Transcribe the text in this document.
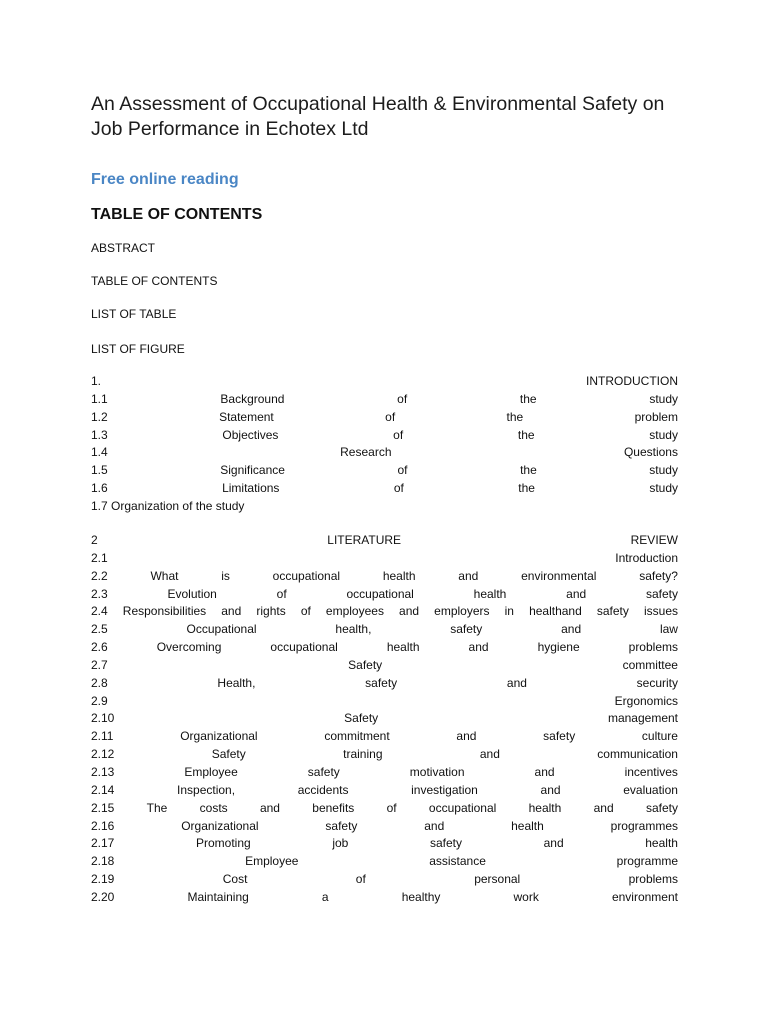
An Assessment of Occupational Health & Environmental Safety on Job Performance in Echotex Ltd
Free online reading
TABLE OF CONTENTS
ABSTRACT
TABLE OF CONTENTS
LIST OF TABLE
LIST OF FIGURE
1.	INTRODUCTION
1.1	Background	of	the	study
1.2	Statement	of	the	problem
1.3	Objectives	of	the	study
1.4	Research	Questions
1.5	Significance	of	the	study
1.6	Limitations	of	the	study
1.7 Organization of the study
2	LITERATURE	REVIEW
2.1	Introduction
2.2	What	is	occupational	health	and	environmental	safety?
2.3	Evolution	of	occupational	health	and	safety
2.4 Responsibilities and rights of employees and employers in healthand safety issues
2.5	Occupational	health,	safety	and	law
2.6	Overcoming	occupational	health	and	hygiene	problems
2.7	Safety	committee
2.8	Health,	safety	and	security
2.9	Ergonomics
2.10	Safety	management
2.11	Organizational	commitment	and	safety	culture
2.12	Safety	training	and	communication
2.13	Employee	safety	motivation	and	incentives
2.14	Inspection,	accidents	investigation	and	evaluation
2.15	The	costs	and	benefits	of	occupational	health	and	safety
2.16	Organizational	safety	and	health	programmes
2.17	Promoting	job	safety	and	health
2.18	Employee	assistance	programme
2.19	Cost	of	personal	problems
2.20	Maintaining	a	healthy	work	environment
